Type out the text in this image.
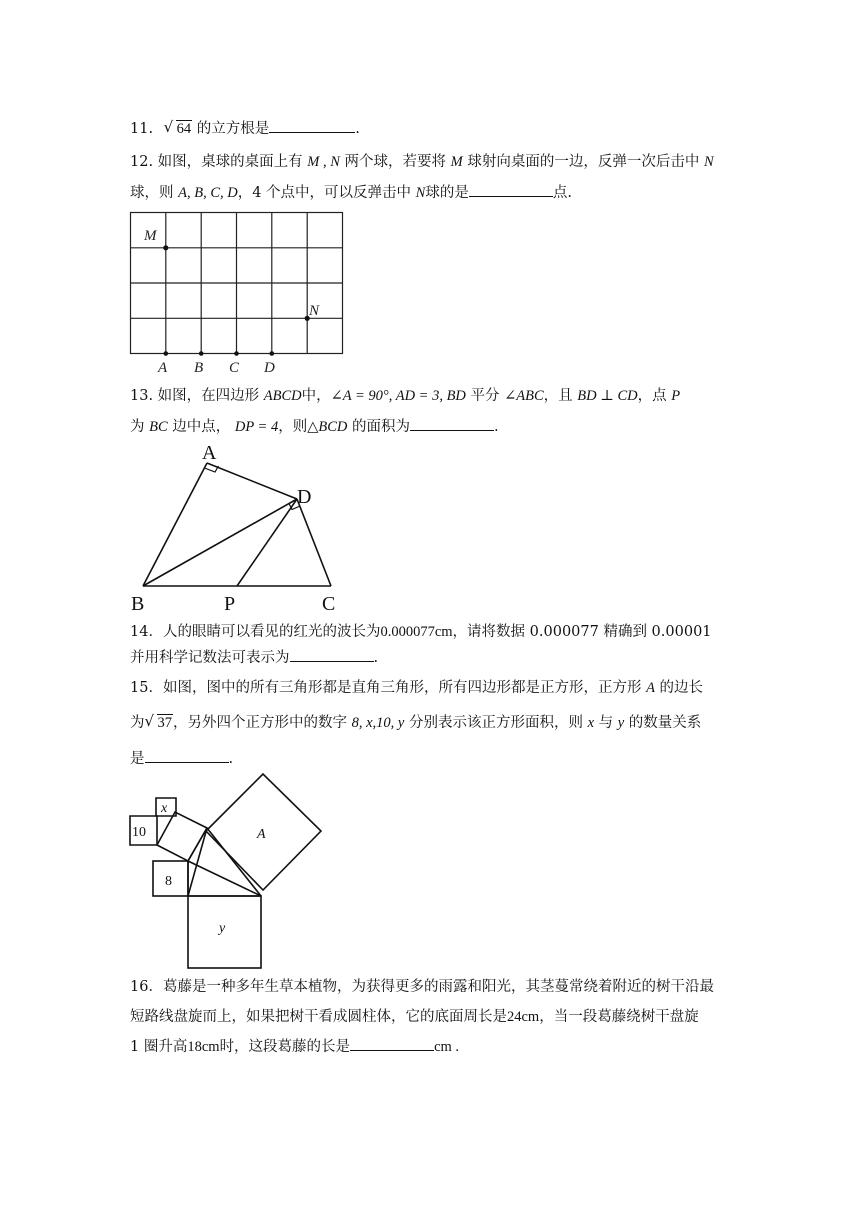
11. √ 64 的立方根是	.
12. 如图，桌球的桌面上有 M , N 两个球，若要将 M 球射向桌面的一边，反弹一次后击中 N
球，则 A, B, C, D，4 个点中，可以反弹击中 N球的是	点.
M
N
A B C D
13. 如图，在四边形 ABCD中，∠A = 90°, AD = 3, BD 平分 ∠ABC，且 BD ⊥ CD，点 P
为 BC 边中点， DP = 4，则△BCD 的面积为	.
A
D
B	P	C
14．人的眼睛可以看见的红光的波长为0.000077cm，请将数据 0.000077 精确到 0.00001
并用科学记数法可表示为	.
15．如图，图中的所有三角形都是直角三角形，所有四边形都是正方形，正方形 A 的边长
为 √ 37，另外四个正方形中的数字 8, x,10, y 分别表示该正方形面积，则 x 与 y 的数量关系
是	.
x
10
8
A
y
16．葛藤是一种多年生草本植物，为获得更多的雨露和阳光，其茎蔓常绕着附近的树干沿最
短路线盘旋而上，如果把树干看成圆柱体，它的底面周长是24cm，当一段葛藤绕树干盘旋
1 圈升高18cm时，这段葛藤的长是	cm .
